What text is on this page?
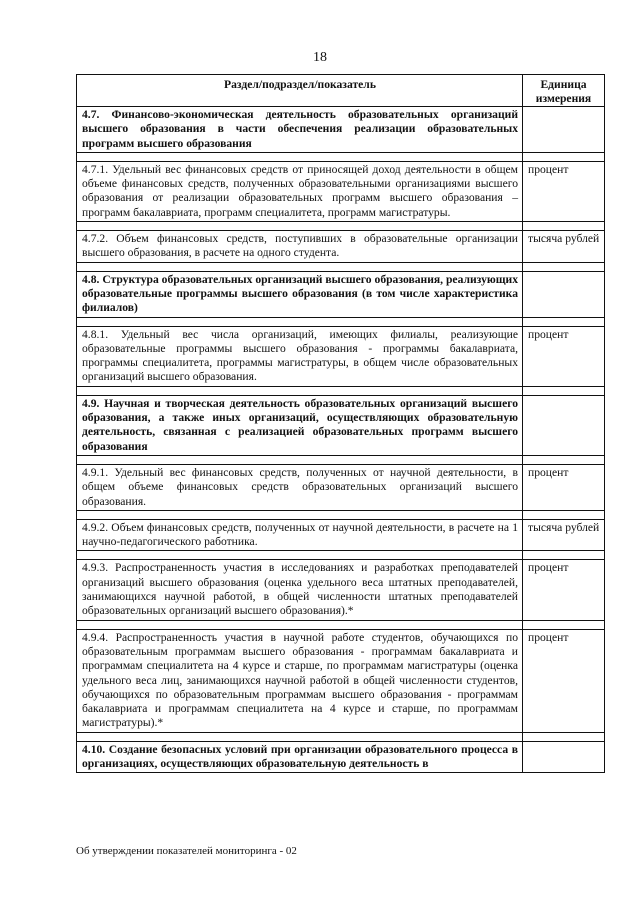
18
Раздел/подраздел/показатель	Единица измерения
4.7. Финансово-экономическая деятельность образовательных организаций высшего образования в части обеспечения реализации образовательных программ высшего образования	

4.7.1. Удельный вес финансовых средств от приносящей доход деятельности в общем объеме финансовых средств, полученных образовательными организациями высшего образования от реализации образовательных программ высшего образования – программ бакалавриата, программ специалитета, программ магистратуры.	процент

4.7.2. Объем финансовых средств, поступивших в образовательные организации высшего образования, в расчете на одного студента.	тысяча рублей

4.8. Структура образовательных организаций высшего образования, реализующих образовательные программы высшего образования (в том числе характеристика филиалов)	

4.8.1. Удельный вес числа организаций, имеющих филиалы, реализующие образовательные программы высшего образования - программы бакалавриата, программы специалитета, программы магистратуры, в общем числе образовательных организаций высшего образования.	процент

4.9. Научная и творческая деятельность образовательных организаций высшего образования, а также иных организаций, осуществляющих образовательную деятельность, связанная с реализацией образовательных программ высшего образования	

4.9.1. Удельный вес финансовых средств, полученных от научной деятельности, в общем объеме финансовых средств образовательных организаций высшего образования.	процент

4.9.2. Объем финансовых средств, полученных от научной деятельности, в расчете на 1 научно-педагогического работника.	тысяча рублей

4.9.3. Распространенность участия в исследованиях и разработках преподавателей организаций высшего образования (оценка удельного веса штатных преподавателей, занимающихся научной работой, в общей численности штатных преподавателей образовательных организаций высшего образования).*	процент

4.9.4. Распространенность участия в научной работе студентов, обучающихся по образовательным программам высшего образования - программам бакалавриата и программам специалитета на 4 курсе и старше, по программам магистратуры (оценка удельного веса лиц, занимающихся научной работой в общей численности студентов, обучающихся по образовательным программам высшего образования - программам бакалавриата и программам специалитета на 4 курсе и старше, по программам магистратуры).*	процент

4.10. Создание безопасных условий при организации образовательного процесса в организациях, осуществляющих образовательную деятельность в	
Об утверждении показателей мониторинга - 02
